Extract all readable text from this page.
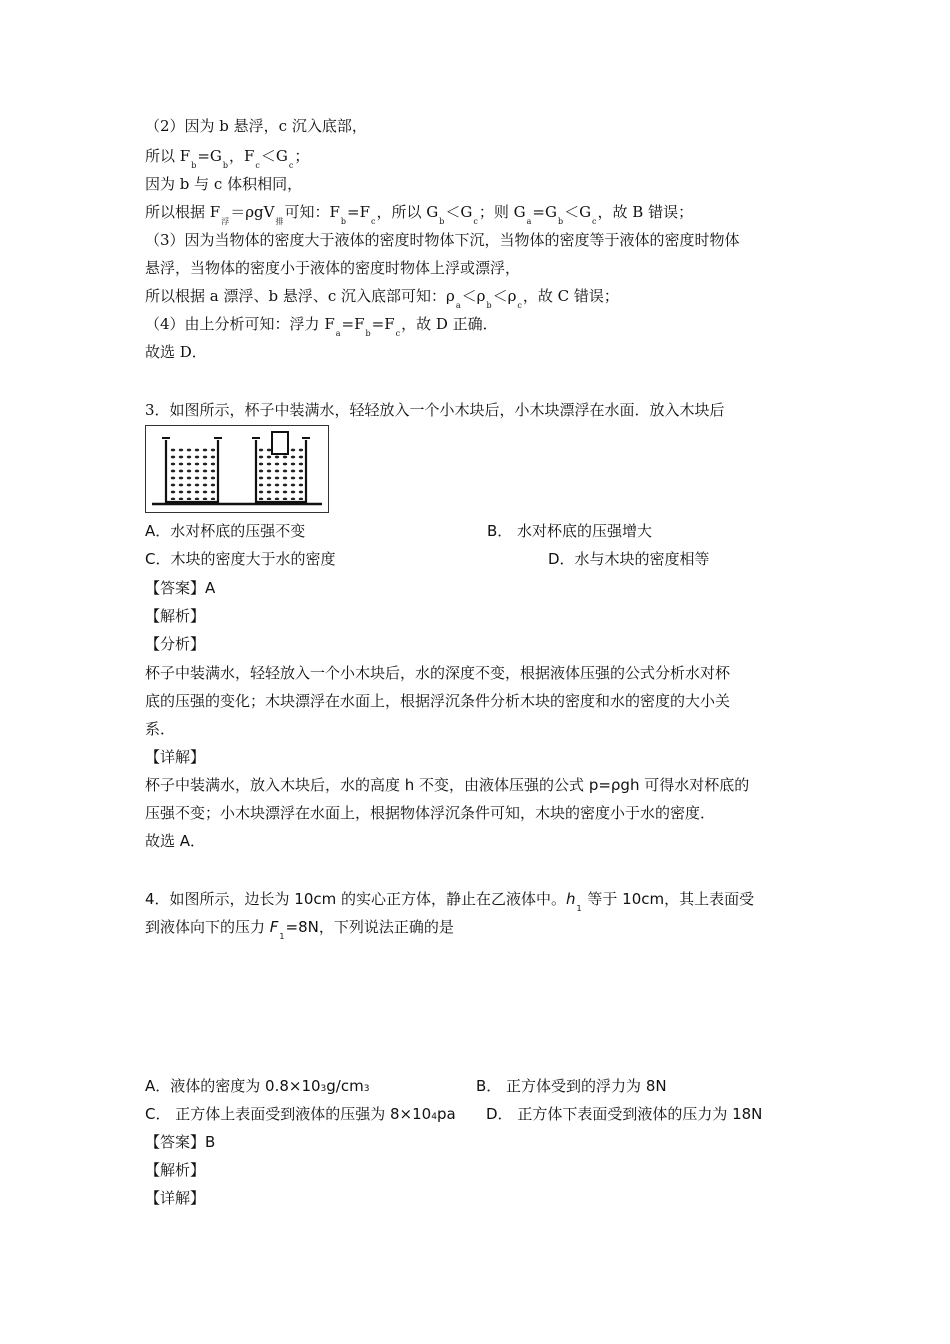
（2）因为 b 悬浮，c 沉入底部，
所以 $F_b=G_b$，$F_c<G_c$；
因为 b 与 c 体积相同，
所以根据 $F_浮=\rho gV_排$可知：$F_b=F_c$，所以 $G_b<G_c$；则 $G_a=G_b<G_c$，故 B 错误；
（3）因为当物体的密度大于液体的密度时物体下沉，当物体的密度等于液体的密度时物体
悬浮，当物体的密度小于液体的密度时物体上浮或漂浮，
所以根据 a 漂浮、b 悬浮、c 沉入底部可知：$\rho_a<\rho_b<\rho_c$，故 C 错误；
（4）由上分析可知：浮力 $F_a=F_b=F_c$，故 D 正确．
故选 D．
3．如图所示，杯子中装满水，轻轻放入一个小木块后，小木块漂浮在水面．放入木块后
A．水对杯底的压强不变	B． 水对杯底的压强增大
C．木块的密度大于水的密度	D．水与木块的密度相等
【答案】A
【解析】
【分析】
杯子中装满水，轻轻放入一个小木块后，水的深度不变，根据液体压强的公式分析水对杯
底的压强的变化；木块漂浮在水面上，根据浮沉条件分析木块的密度和水的密度的大小关
系．
【详解】
杯子中装满水，放入木块后，水的高度 h 不变，由液体压强的公式 p=ρgh 可得水对杯底的
压强不变；小木块漂浮在水面上，根据物体浮沉条件可知，木块的密度小于水的密度．
故选 A．
4．如图所示，边长为 10cm 的实心正方体，静止在乙液体中。$h_1$ 等于 10cm，其上表面受
到液体向下的压力 $F_1=8N$，下列说法正确的是
A．液体的密度为 0.8×103g/cm3	B． 正方体受到的浮力为 8N
C． 正方体上表面受到液体的压强为 8×104pa D． 正方体下表面受到液体的压力为 18N
【答案】B
【解析】
【详解】
